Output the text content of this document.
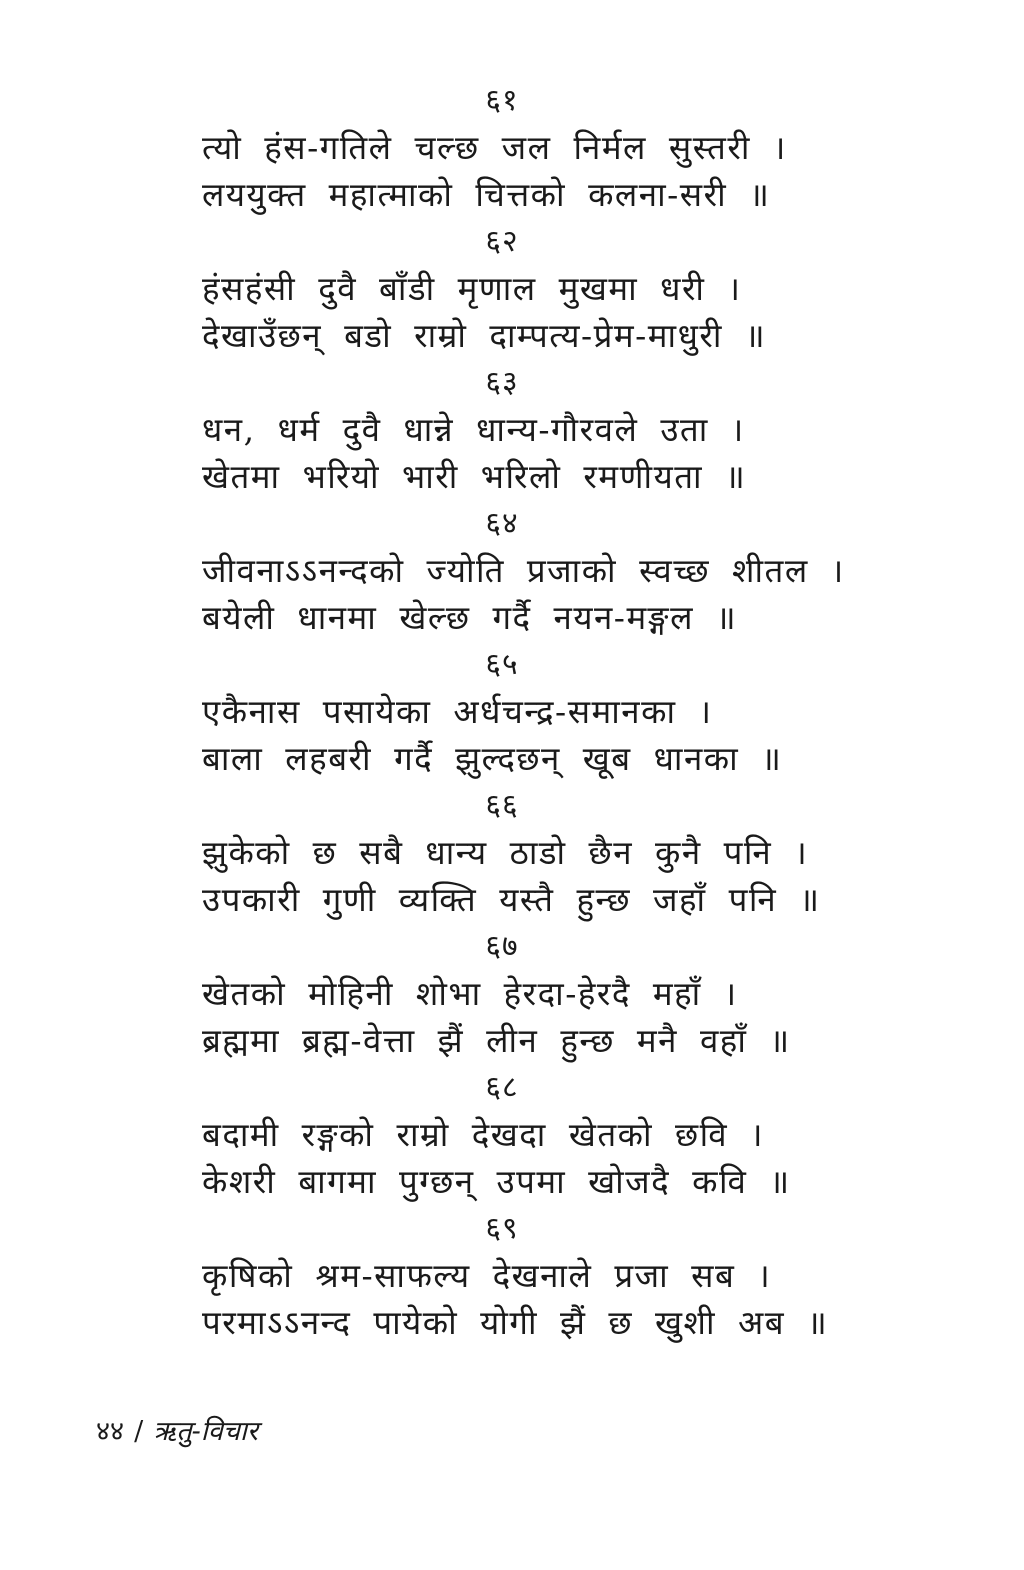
६१
त्यो हंस-गतिले चल्छ जल निर्मल सुस्तरी ।
लययुक्त महात्माको चित्तको कलना-सरी ॥
६२
हंसहंसी दुवै बाँडी मृणाल मुखमा धरी ।
देखाउँछन् बडो राम्रो दाम्पत्य-प्रेम-माधुरी ॥
६३
धन, धर्म दुवै धान्ने धान्य-गौरवले उता ।
खेतमा भरियो भारी भरिलो रमणीयता ॥
६४
जीवनाऽऽनन्दको ज्योति प्रजाको स्वच्छ शीतल ।
बयेली धानमा खेल्छ गर्दै नयन-मङ्गल ॥
६५
एकैनास पसायेका अर्धचन्द्र-समानका ।
बाला लहबरी गर्दै झुल्दछन् खूब धानका ॥
६६
झुकेको छ सबै धान्य ठाडो छैन कुनै पनि ।
उपकारी गुणी व्यक्ति यस्तै हुन्छ जहाँ पनि ॥
६७
खेतको मोहिनी शोभा हेरदा-हेरदै महाँ ।
ब्रह्ममा ब्रह्म-वेत्ता झैं लीन हुन्छ मनै वहाँ ॥
६८
बदामी रङ्गको राम्रो देखदा खेतको छवि ।
केशरी बागमा पुग्छन् उपमा खोजदै कवि ॥
६९
कृषिको श्रम-साफल्य देखनाले प्रजा सब ।
परमाऽऽनन्द पायेको योगी झैं छ खुशी अब ॥
४४ / ऋतु-विचार
